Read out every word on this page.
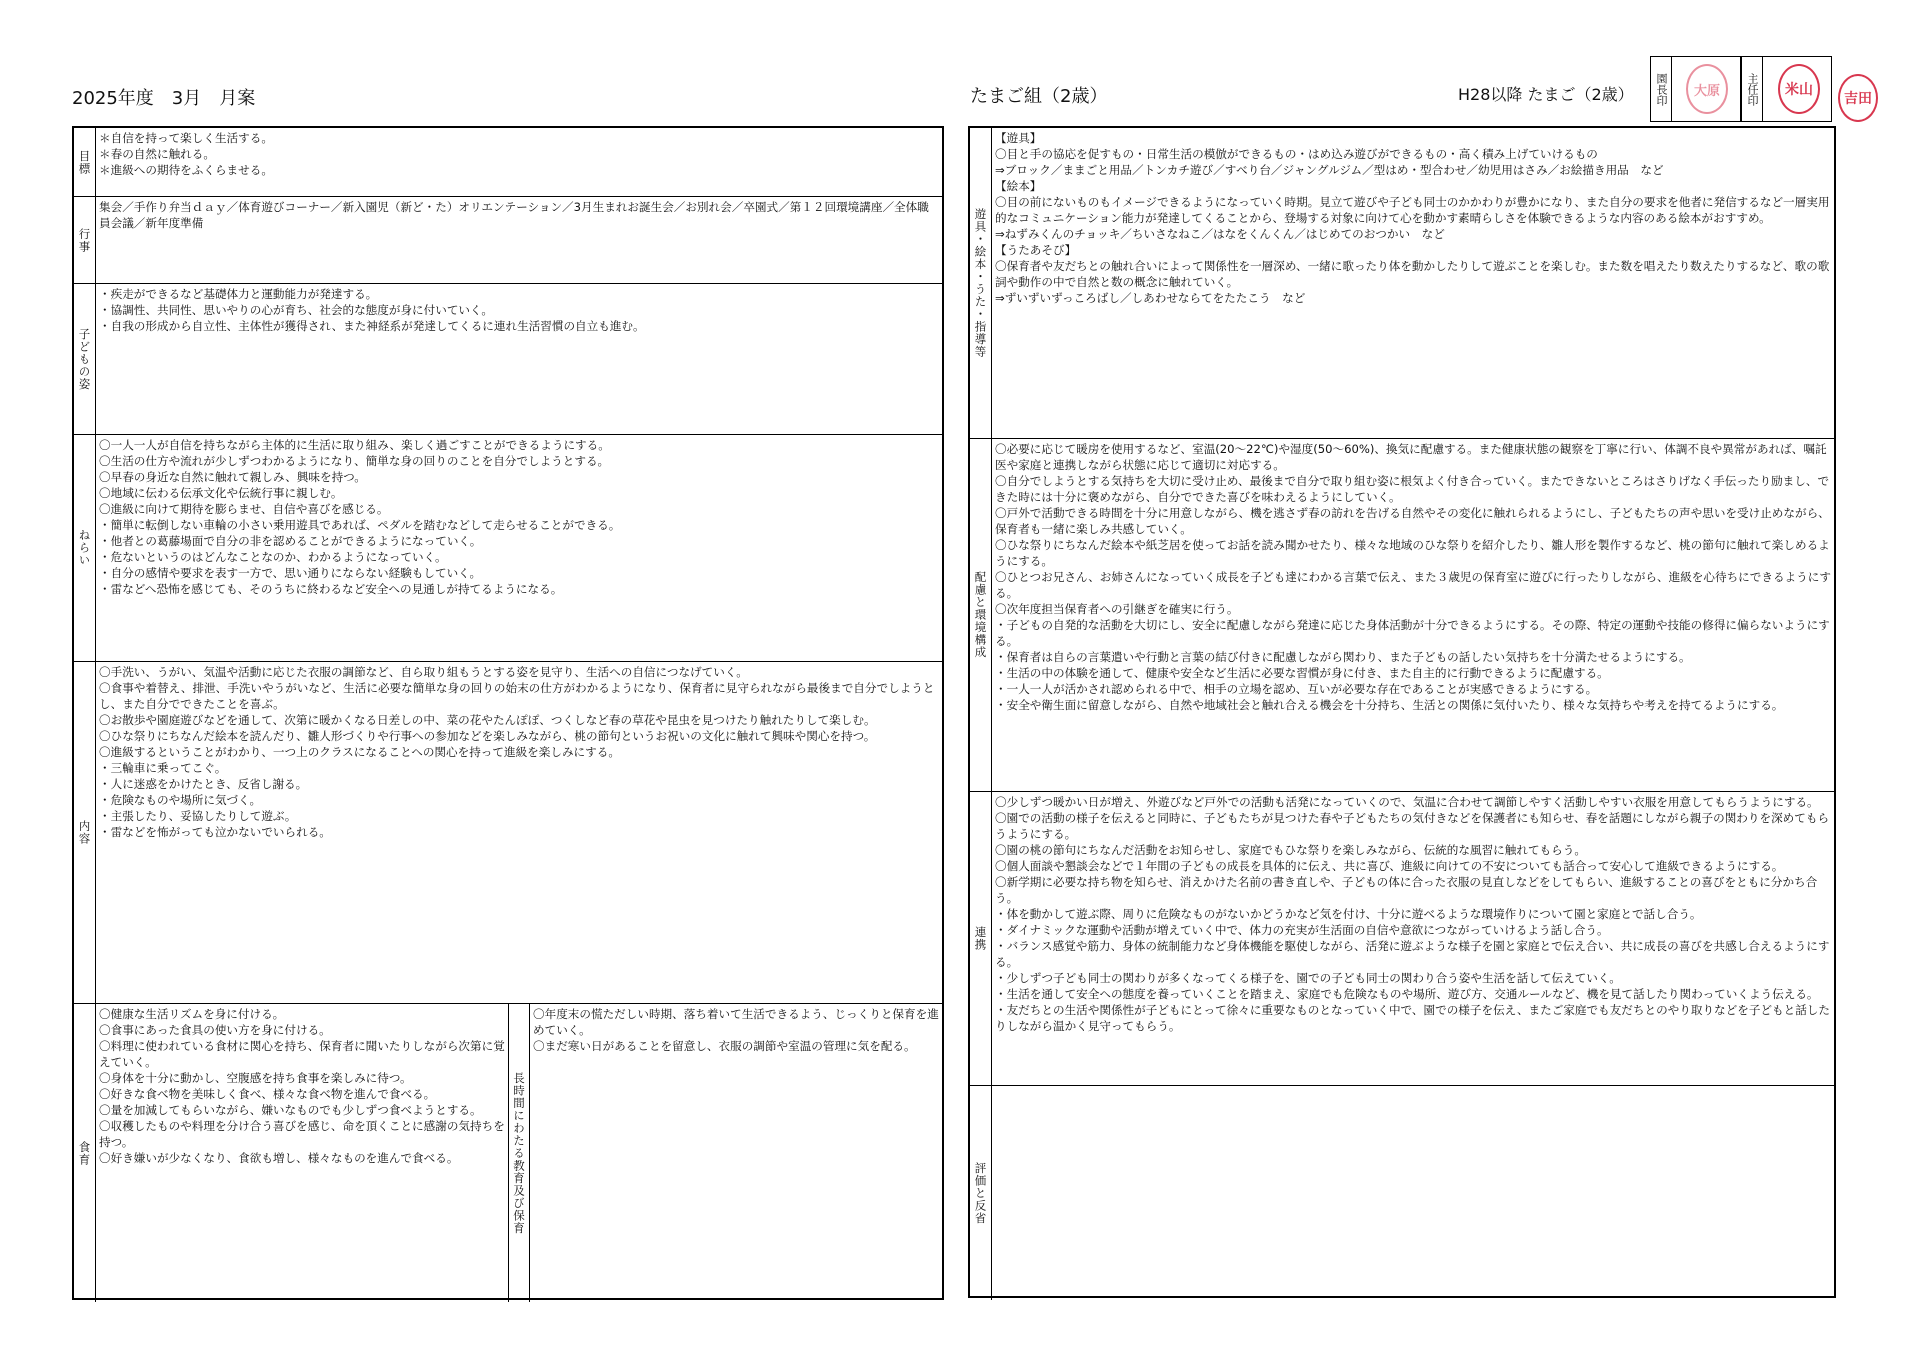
2025年度　3月　月案	たまご組（2歳）	H28以降 たまご（2歳）	園長印	大原	主任印	米山
吉田
目標
＊自信を持って楽しく生活する。
＊春の自然に触れる。
＊進級への期待をふくらませる。
行事
集会／手作り弁当ｄａｙ／体育遊びコーナー／新入園児（新ど・た）オリエンテーション／3月生まれお誕生会／お別れ会／卒園式／第１２回環境講座／全体職員会議／新年度準備
子どもの姿
・疾走ができるなど基礎体力と運動能力が発達する。
・協調性、共同性、思いやりの心が育ち、社会的な態度が身に付いていく。
・自我の形成から自立性、主体性が獲得され、また神経系が発達してくるに連れ生活習慣の自立も進む。
ねらい
〇一人一人が自信を持ちながら主体的に生活に取り組み、楽しく過ごすことができるようにする。
〇生活の仕方や流れが少しずつわかるようになり、簡単な身の回りのことを自分でしようとする。
〇早春の身近な自然に触れて親しみ、興味を持つ。
〇地域に伝わる伝承文化や伝統行事に親しむ。
〇進級に向けて期待を膨らませ、自信や喜びを感じる。
・簡単に転倒しない車輪の小さい乗用遊具であれば、ペダルを踏むなどして走らせることができる。
・他者との葛藤場面で自分の非を認めることができるようになっていく。
・危ないというのはどんなことなのか、わかるようになっていく。
・自分の感情や要求を表す一方で、思い通りにならない経験もしていく。
・雷などへ恐怖を感じても、そのうちに終わるなど安全への見通しが持てるようになる。
内容
〇手洗い、うがい、気温や活動に応じた衣服の調節など、自ら取り組もうとする姿を見守り、生活への自信につなげていく。
〇食事や着替え、排泄、手洗いやうがいなど、生活に必要な簡単な身の回りの始末の仕方がわかるようになり、保育者に見守られながら最後まで自分でしようとし、また自分でできたことを喜ぶ。
〇お散歩や園庭遊びなどを通して、次第に暖かくなる日差しの中、菜の花やたんぽぽ、つくしなど春の草花や昆虫を見つけたり触れたりして楽しむ。
〇ひな祭りにちなんだ絵本を読んだり、雛人形づくりや行事への参加などを楽しみながら、桃の節句というお祝いの文化に触れて興味や関心を持つ。
〇進級するということがわかり、一つ上のクラスになることへの関心を持って進級を楽しみにする。
・三輪車に乗ってこぐ。
・人に迷惑をかけたとき、反省し謝る。
・危険なものや場所に気づく。
・主張したり、妥協したりして遊ぶ。
・雷などを怖がっても泣かないでいられる。
食育
〇健康な生活リズムを身に付ける。
〇食事にあった食具の使い方を身に付ける。
〇料理に使われている食材に関心を持ち、保育者に聞いたりしながら次第に覚えていく。
〇身体を十分に動かし、空腹感を持ち食事を楽しみに待つ。
〇好きな食べ物を美味しく食べ、様々な食べ物を進んで食べる。
〇量を加減してもらいながら、嫌いなものでも少しずつ食べようとする。
〇収穫したものや料理を分け合う喜びを感じ、命を頂くことに感謝の気持ちを持つ。
〇好き嫌いが少なくなり、食欲も増し、様々なものを進んで食べる。	長時間にわたる教育及び保育
〇年度末の慌ただしい時期、落ち着いて生活できるよう、じっくりと保育を進めていく。
〇まだ寒い日があることを留意し、衣服の調節や室温の管理に気を配る。
遊具・絵本・うた・指導等
【遊具】
〇目と手の協応を促すもの・日常生活の模倣ができるもの・はめ込み遊びができるもの・高く積み上げていけるもの
⇒ブロック／ままごと用品／トンカチ遊び／すべり台／ジャングルジム／型はめ・型合わせ／幼児用はさみ／お絵描き用品　など
【絵本】
〇目の前にないものもイメージできるようになっていく時期。見立て遊びや子ども同士のかかわりが豊かになり、また自分の要求を他者に発信するなど一層実用的なコミュニケーション能力が発達してくることから、登場する対象に向けて心を動かす素晴らしさを体験できるような内容のある絵本がおすすめ。
⇒ねずみくんのチョッキ／ちいさなねこ／はなをくんくん／はじめてのおつかい　など
【うたあそび】
〇保育者や友だちとの触れ合いによって関係性を一層深め、一緒に歌ったり体を動かしたりして遊ぶことを楽しむ。また数を唱えたり数えたりするなど、歌の歌詞や動作の中で自然と数の概念に触れていく。
⇒ずいずいずっころばし／しあわせならてをたたこう　など
配慮と環境構成
〇必要に応じて暖房を使用するなど、室温(20～22℃)や湿度(50～60%)、換気に配慮する。また健康状態の観察を丁寧に行い、体調不良や異常があれば、嘱託医や家庭と連携しながら状態に応じて適切に対応する。
〇自分でしようとする気持ちを大切に受け止め、最後まで自分で取り組む姿に根気よく付き合っていく。またできないところはさりげなく手伝ったり励まし、できた時には十分に褒めながら、自分でできた喜びを味わえるようにしていく。
〇戸外で活動できる時間を十分に用意しながら、機を逃さず春の訪れを告げる自然やその変化に触れられるようにし、子どもたちの声や思いを受け止めながら、保育者も一緒に楽しみ共感していく。
〇ひな祭りにちなんだ絵本や紙芝居を使ってお話を読み聞かせたり、様々な地域のひな祭りを紹介したり、雛人形を製作するなど、桃の節句に触れて楽しめるようにする。
〇ひとつお兄さん、お姉さんになっていく成長を子ども達にわかる言葉で伝え、また３歳児の保育室に遊びに行ったりしながら、進級を心待ちにできるようにする。
〇次年度担当保育者への引継ぎを確実に行う。
・子どもの自発的な活動を大切にし、安全に配慮しながら発達に応じた身体活動が十分できるようにする。その際、特定の運動や技能の修得に偏らないようにする。
・保育者は自らの言葉遣いや行動と言葉の結び付きに配慮しながら関わり、また子どもの話したい気持ちを十分満たせるようにする。
・生活の中の体験を通して、健康や安全など生活に必要な習慣が身に付き、また自主的に行動できるように配慮する。
・一人一人が活かされ認められる中で、相手の立場を認め、互いが必要な存在であることが実感できるようにする。
・安全や衛生面に留意しながら、自然や地域社会と触れ合える機会を十分持ち、生活との関係に気付いたり、様々な気持ちや考えを持てるようにする。
連携
〇少しずつ暖かい日が増え、外遊びなど戸外での活動も活発になっていくので、気温に合わせて調節しやすく活動しやすい衣服を用意してもらうようにする。
〇園での活動の様子を伝えると同時に、子どもたちが見つけた春や子どもたちの気付きなどを保護者にも知らせ、春を話題にしながら親子の関わりを深めてもらうようにする。
〇園の桃の節句にちなんだ活動をお知らせし、家庭でもひな祭りを楽しみながら、伝統的な風習に触れてもらう。
〇個人面談や懇談会などで１年間の子どもの成長を具体的に伝え、共に喜び、進級に向けての不安についても話合って安心して進級できるようにする。
〇新学期に必要な持ち物を知らせ、消えかけた名前の書き直しや、子どもの体に合った衣服の見直しなどをしてもらい、進級することの喜びをともに分かち合う。
・体を動かして遊ぶ際、周りに危険なものがないかどうかなど気を付け、十分に遊べるような環境作りについて園と家庭とで話し合う。
・ダイナミックな運動や活動が増えていく中で、体力の充実が生活面の自信や意欲につながっていけるよう話し合う。
・バランス感覚や筋力、身体の統制能力など身体機能を駆使しながら、活発に遊ぶような様子を園と家庭とで伝え合い、共に成長の喜びを共感し合えるようにする。
・少しずつ子ども同士の関わりが多くなってくる様子を、園での子ども同士の関わり合う姿や生活を話して伝えていく。
・生活を通して安全への態度を養っていくことを踏まえ、家庭でも危険なものや場所、遊び方、交通ルールなど、機を見て話したり関わっていくよう伝える。
・友だちとの生活や関係性が子どもにとって徐々に重要なものとなっていく中で、園での様子を伝え、またご家庭でも友だちとのやり取りなどを子どもと話したりしながら温かく見守ってもらう。
評価と反省
